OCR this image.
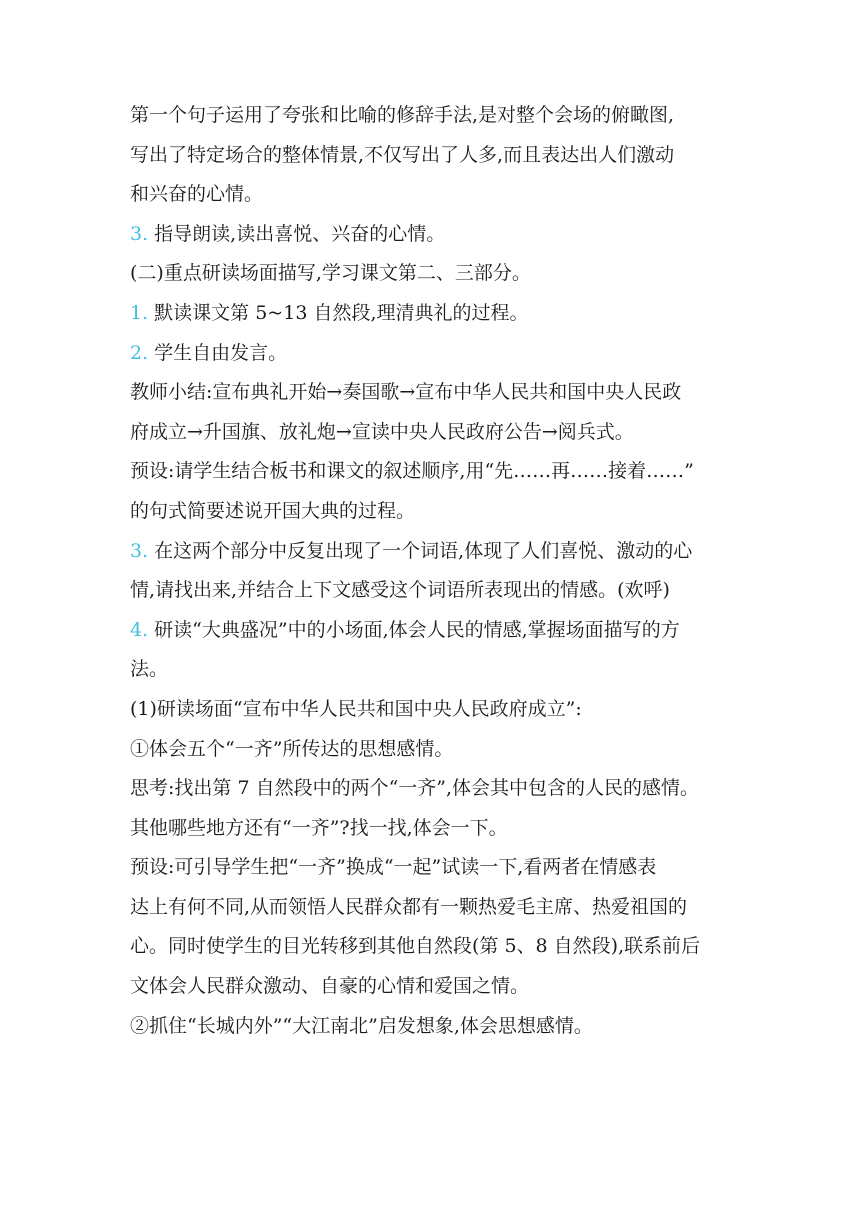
第一个句子运用了夸张和比喻的修辞手法,是对整个会场的俯瞰图,
写出了特定场合的整体情景,不仅写出了人多,而且表达出人们激动
和兴奋的心情。
3. 指导朗读,读出喜悦、兴奋的心情。
(二)重点研读场面描写,学习课文第二、三部分。
1. 默读课文第 5~13 自然段,理清典礼的过程。
2. 学生自由发言。
教师小结:宣布典礼开始→奏国歌→宣布中华人民共和国中央人民政
府成立→升国旗、放礼炮→宣读中央人民政府公告→阅兵式。
预设:请学生结合板书和课文的叙述顺序,用“先……再……接着……”
的句式简要述说开国大典的过程。
3. 在这两个部分中反复出现了一个词语,体现了人们喜悦、激动的心
情,请找出来,并结合上下文感受这个词语所表现出的情感。(欢呼)
4. 研读“大典盛况”中的小场面,体会人民的情感,掌握场面描写的方
法。
(1)研读场面“宣布中华人民共和国中央人民政府成立”:
①体会五个“一齐”所传达的思想感情。
思考:找出第 7 自然段中的两个“一齐”,体会其中包含的人民的感情。
其他哪些地方还有“一齐”?找一找,体会一下。
预设:可引导学生把“一齐”换成“一起”试读一下,看两者在情感表
达上有何不同,从而领悟人民群众都有一颗热爱毛主席、热爱祖国的
心。同时使学生的目光转移到其他自然段(第 5、8 自然段),联系前后
文体会人民群众激动、自豪的心情和爱国之情。
②抓住“长城内外”“大江南北”启发想象,体会思想感情。
